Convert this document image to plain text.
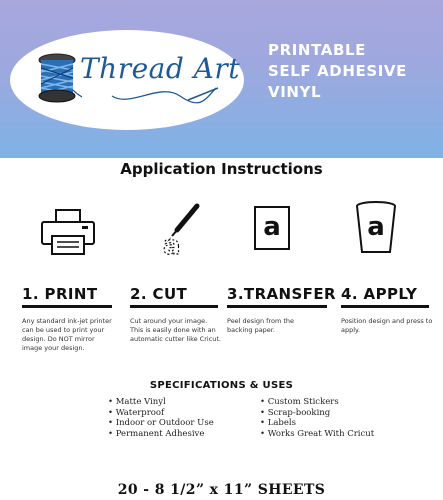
Thread Art
PRINTABLE
SELF ADHESIVE
VINYL
Application Instructions
a
a	a
1. PRINT 2. CUT	3.TRANSFER 4. APPLY
Any standard ink-jet printer can be used to print your design. Do NOT mirror image your design.
Cut around your image. This is easily done with an automatic cutter like Cricut.
Peel design from the backing paper.
Position design and press to apply.
SPECIFICATIONS & USES
• Matte Vinyl
• Waterproof
• Indoor or Outdoor Use
• Permanent Adhesive
• Custom Stickers
• Scrap-booking
• Labels
• Works Great With Cricut
20 - 8 1/2” x 11” SHEETS
